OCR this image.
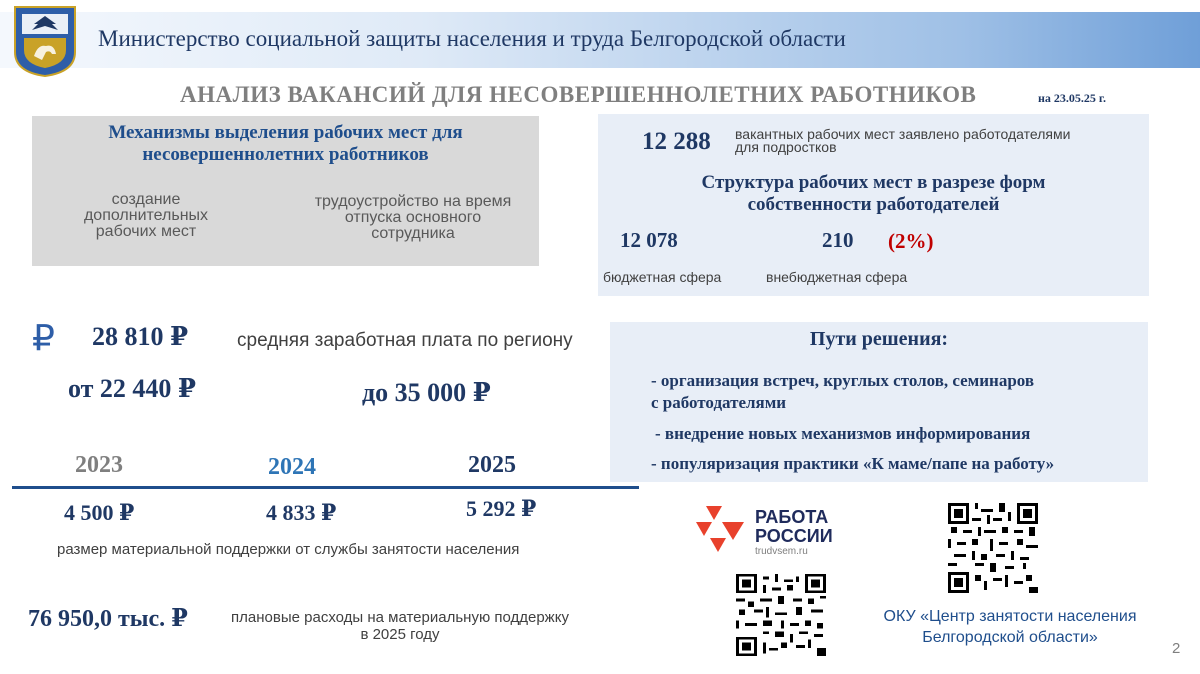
Министерство социальной защиты населения и труда Белгородской области
АНАЛИЗ ВАКАНСИЙ ДЛЯ НЕСОВЕРШЕННОЛЕТНИХ РАБОТНИКОВ	на 23.05.25 г.
Механизмы выделения рабочих мест для
несовершеннолетних работников
создание
дополнительных
рабочих мест
трудоустройство на время
отпуска основного
сотрудника
12 288 вакантных рабочих мест заявлено работодателями
для подростков
Структура рабочих мест в разрезе форм
собственности работодателей
12 078	210 (2%)
бюджетная сфера	внебюджетная сфера
₽ 28 810 ₽	средняя заработная плата по региону
от 22 440 ₽	до 35 000 ₽
2023	2024	2025
4 500 ₽	4 833 ₽	5 292 ₽
размер материальной поддержки от службы занятости населения
76 950,0 тыс. ₽	плановые расходы на материальную поддержку
в 2025 году
Пути решения:
- организация встреч, круглых столов, семинаров
с работодателями
- внедрение новых механизмов информирования
- популяризация практики «К маме/папе на работу»
РАБОТА
РОССИИ
trudvsem.ru
ОКУ «Центр занятости населения
Белгородской области»
2
